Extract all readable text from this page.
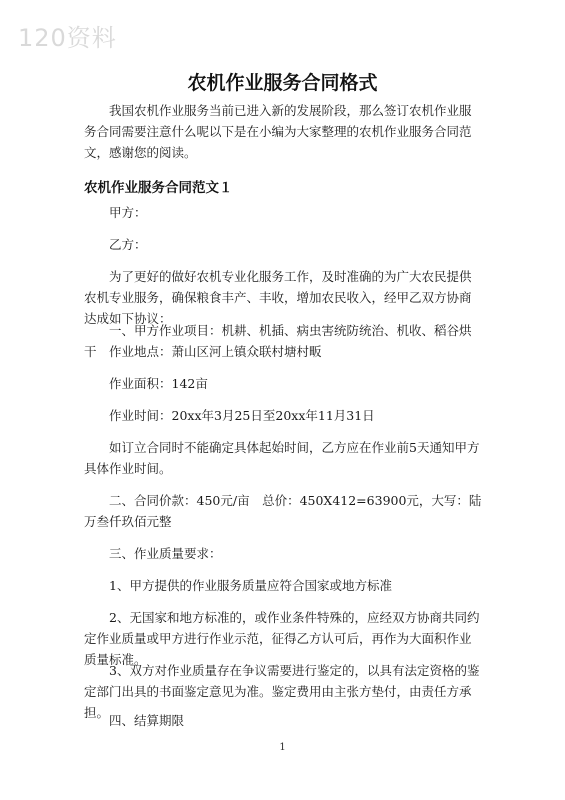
120资料
农机作业服务合同格式
我国农机作业服务当前已进入新的发展阶段，那么签订农机作业服务合同需要注意什么呢以下是在小编为大家整理的农机作业服务合同范文，感谢您的阅读。
农机作业服务合同范文１
甲方：
乙方：
为了更好的做好农机专业化服务工作，及时准确的为广大农民提供农机专业服务，确保粮食丰产、丰收，增加农民收入，经甲乙双方协商达成如下协议：
一、甲方作业项目：机耕、机插、病虫害统防统治、机收、稻谷烘干　作业地点：萧山区河上镇众联村塘村畈
作业面积：142亩
作业时间：20xx年3月25日至20xx年11月31日
如订立合同时不能确定具体起始时间，乙方应在作业前5天通知甲方具体作业时间。
二、合同价款：450元/亩　总价：450X412=63900元，大写：陆万叁仟玖佰元整
三、作业质量要求：
1、甲方提供的作业服务质量应符合国家或地方标准
2、无国家和地方标准的，或作业条件特殊的，应经双方协商共同约定作业质量或甲方进行作业示范，征得乙方认可后，再作为大面积作业质量标准。
3、双方对作业质量存在争议需要进行鉴定的，以具有法定资格的鉴定部门出具的书面鉴定意见为准。鉴定费用由主张方垫付，由责任方承担。
四、结算期限
1
